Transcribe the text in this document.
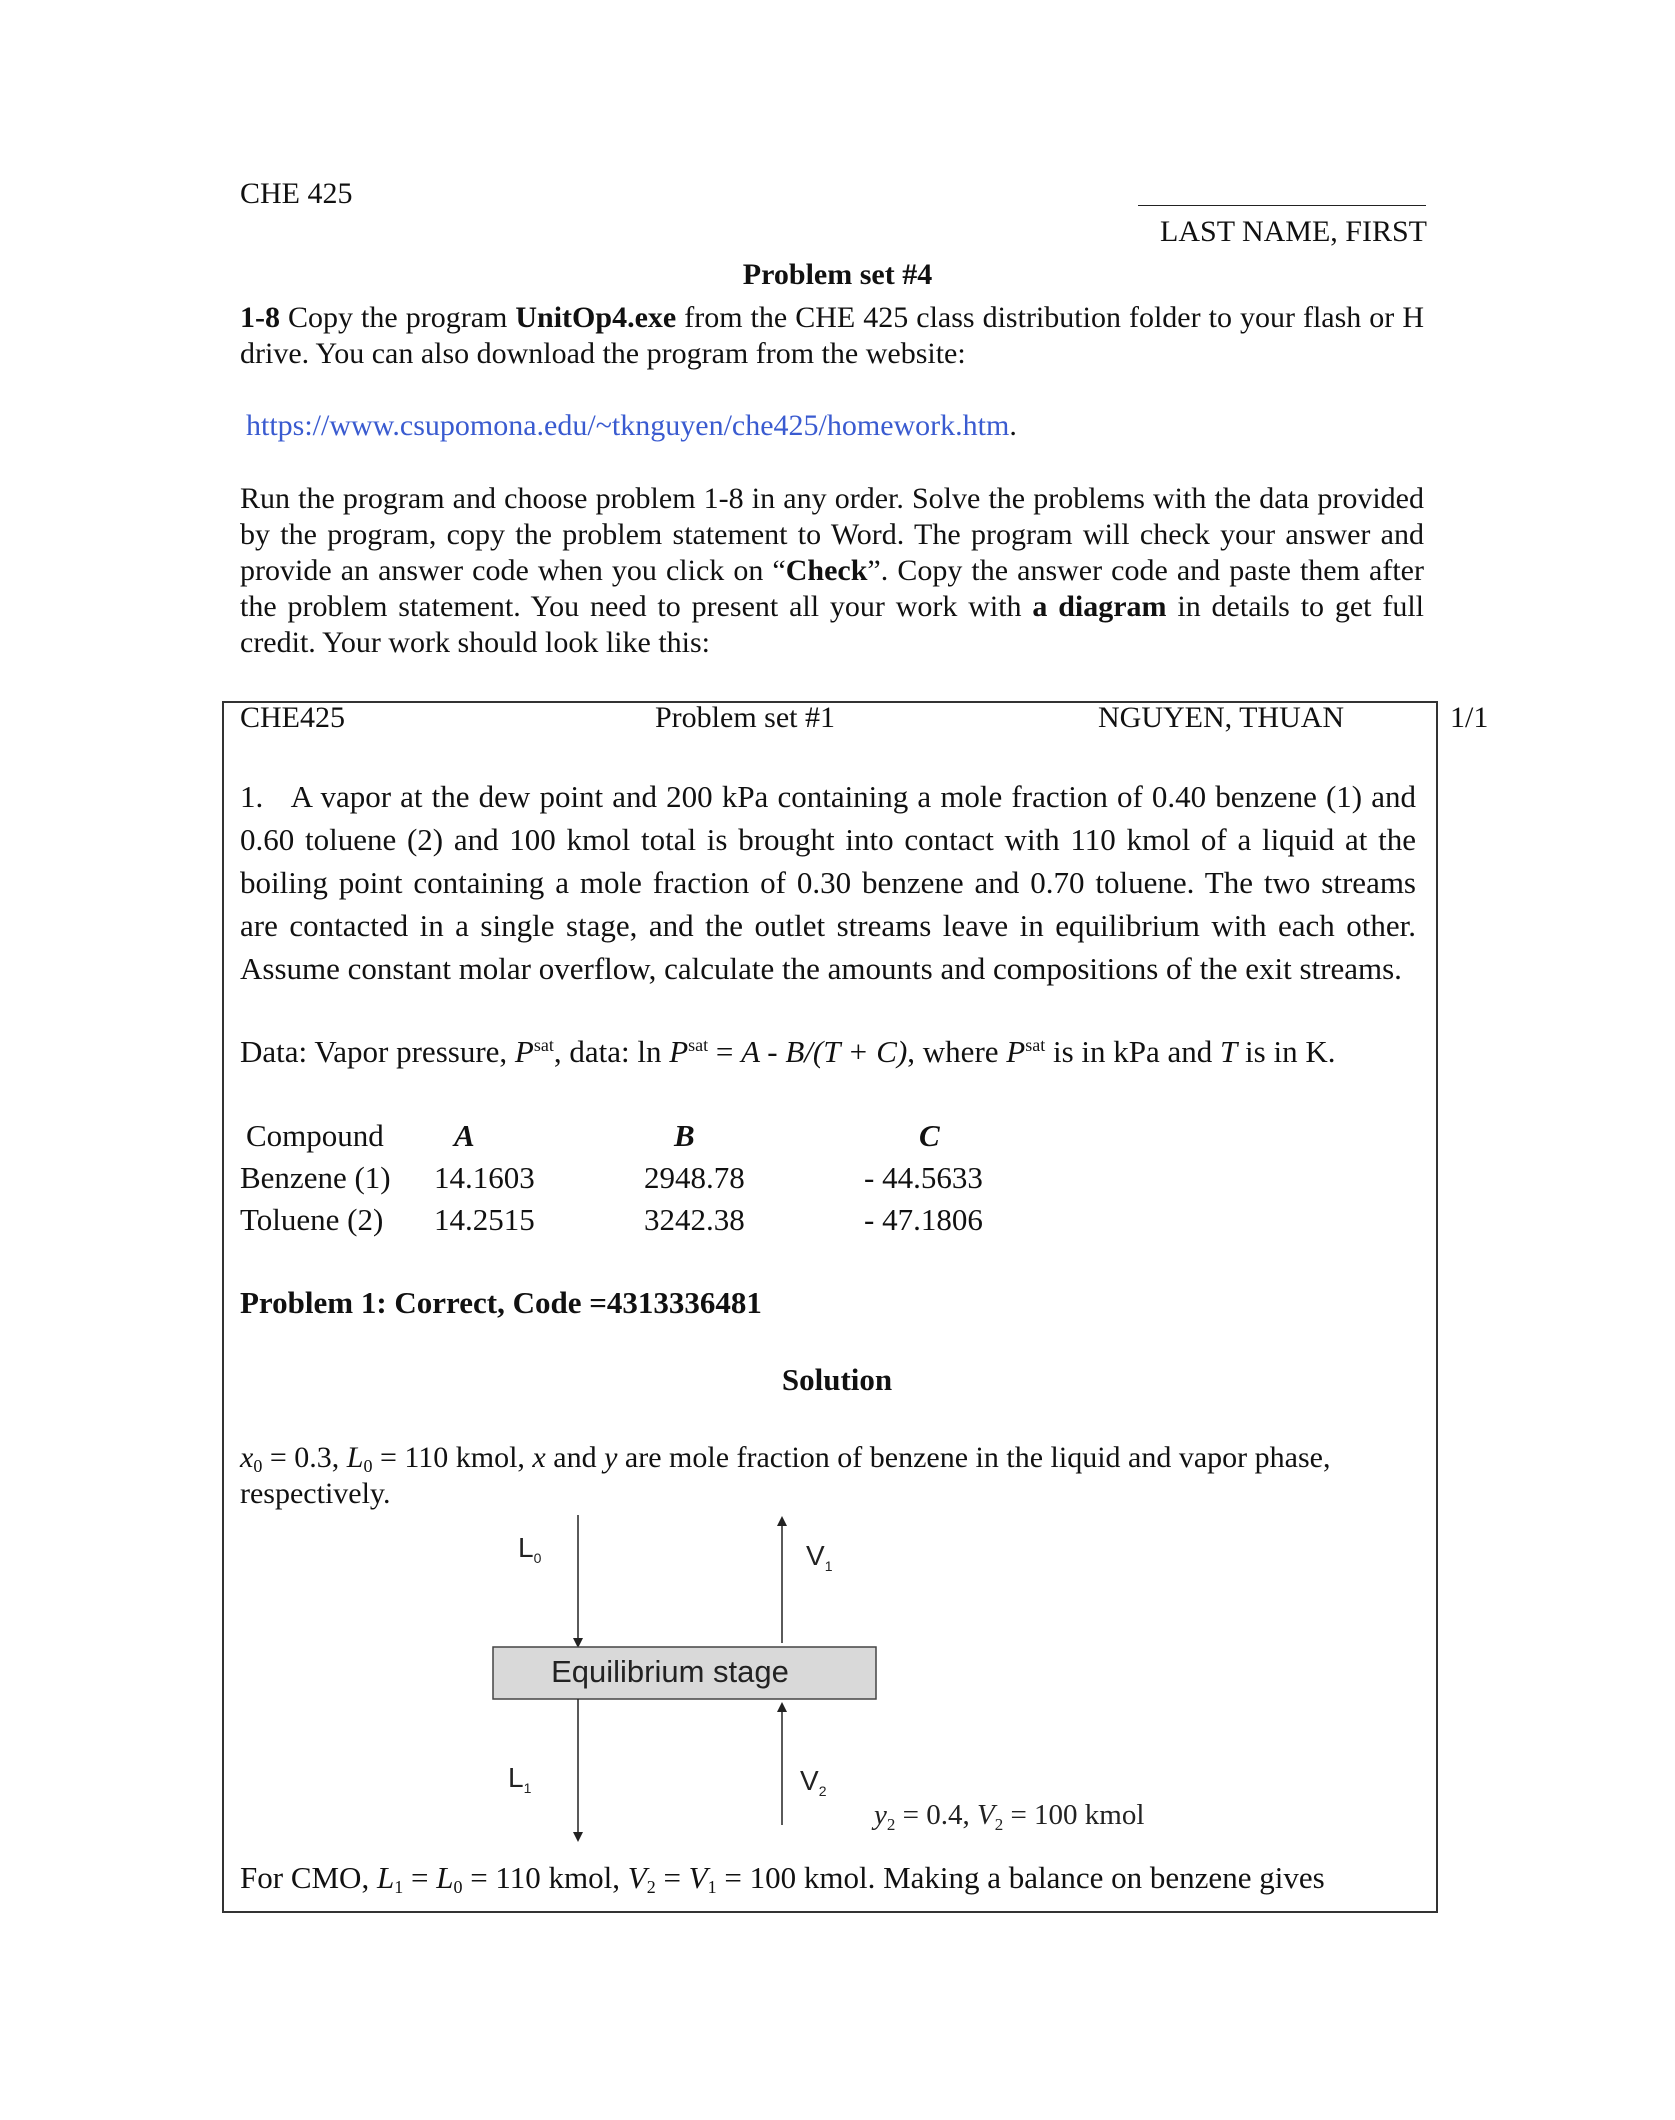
CHE 425
LAST NAME, FIRST
Problem set #4
1-8 Copy the program UnitOp4.exe from the CHE 425 class distribution folder to your flash or H drive. You can also download the program from the website:
https://www.csupomona.edu/~tknguyen/che425/homework.htm.
Run the program and choose problem 1-8 in any order. Solve the problems with the data provided by the program, copy the problem statement to Word. The program will check your answer and provide an answer code when you click on “Check”. Copy the answer code and paste them after the problem statement. You need to present all your work with a diagram in details to get full credit. Your work should look like this:
CHE425	Problem set #1	NGUYEN, THUAN	1/1
1. A vapor at the dew point and 200 kPa containing a mole fraction of 0.40 benzene (1) and 0.60 toluene (2) and 100 kmol total is brought into contact with 110 kmol of a liquid at the boiling point containing a mole fraction of 0.30 benzene and 0.70 toluene. The two streams are contacted in a single stage, and the outlet streams leave in equilibrium with each other. Assume constant molar overflow, calculate the amounts and compositions of the exit streams.
Data: Vapor pressure, $P^{sat}$, data: $\ln P^{sat} = A - B/(T + C)$, where $P^{sat}$ is in kPa and T is in K.
Compound	A	B	C
Benzene (1)	14.1603	2948.78	- 44.5633
Toluene (2)	14.2515	3242.38	- 47.1806
Problem 1: Correct, Code =4313336481
Solution
$x_0 = 0.3$, $L_0 = 110$ kmol, x and y are mole fraction of benzene in the liquid and vapor phase, respectively.
Equilibrium stage
$L_0$	$V_1$
$L_1$	$V_2$
$y_2 = 0.4$, $V_2 = 100$ kmol
For CMO, $L_1 = L_0 = 110$ kmol, $V_2 = V_1 = 100$ kmol. Making a balance on benzene gives
